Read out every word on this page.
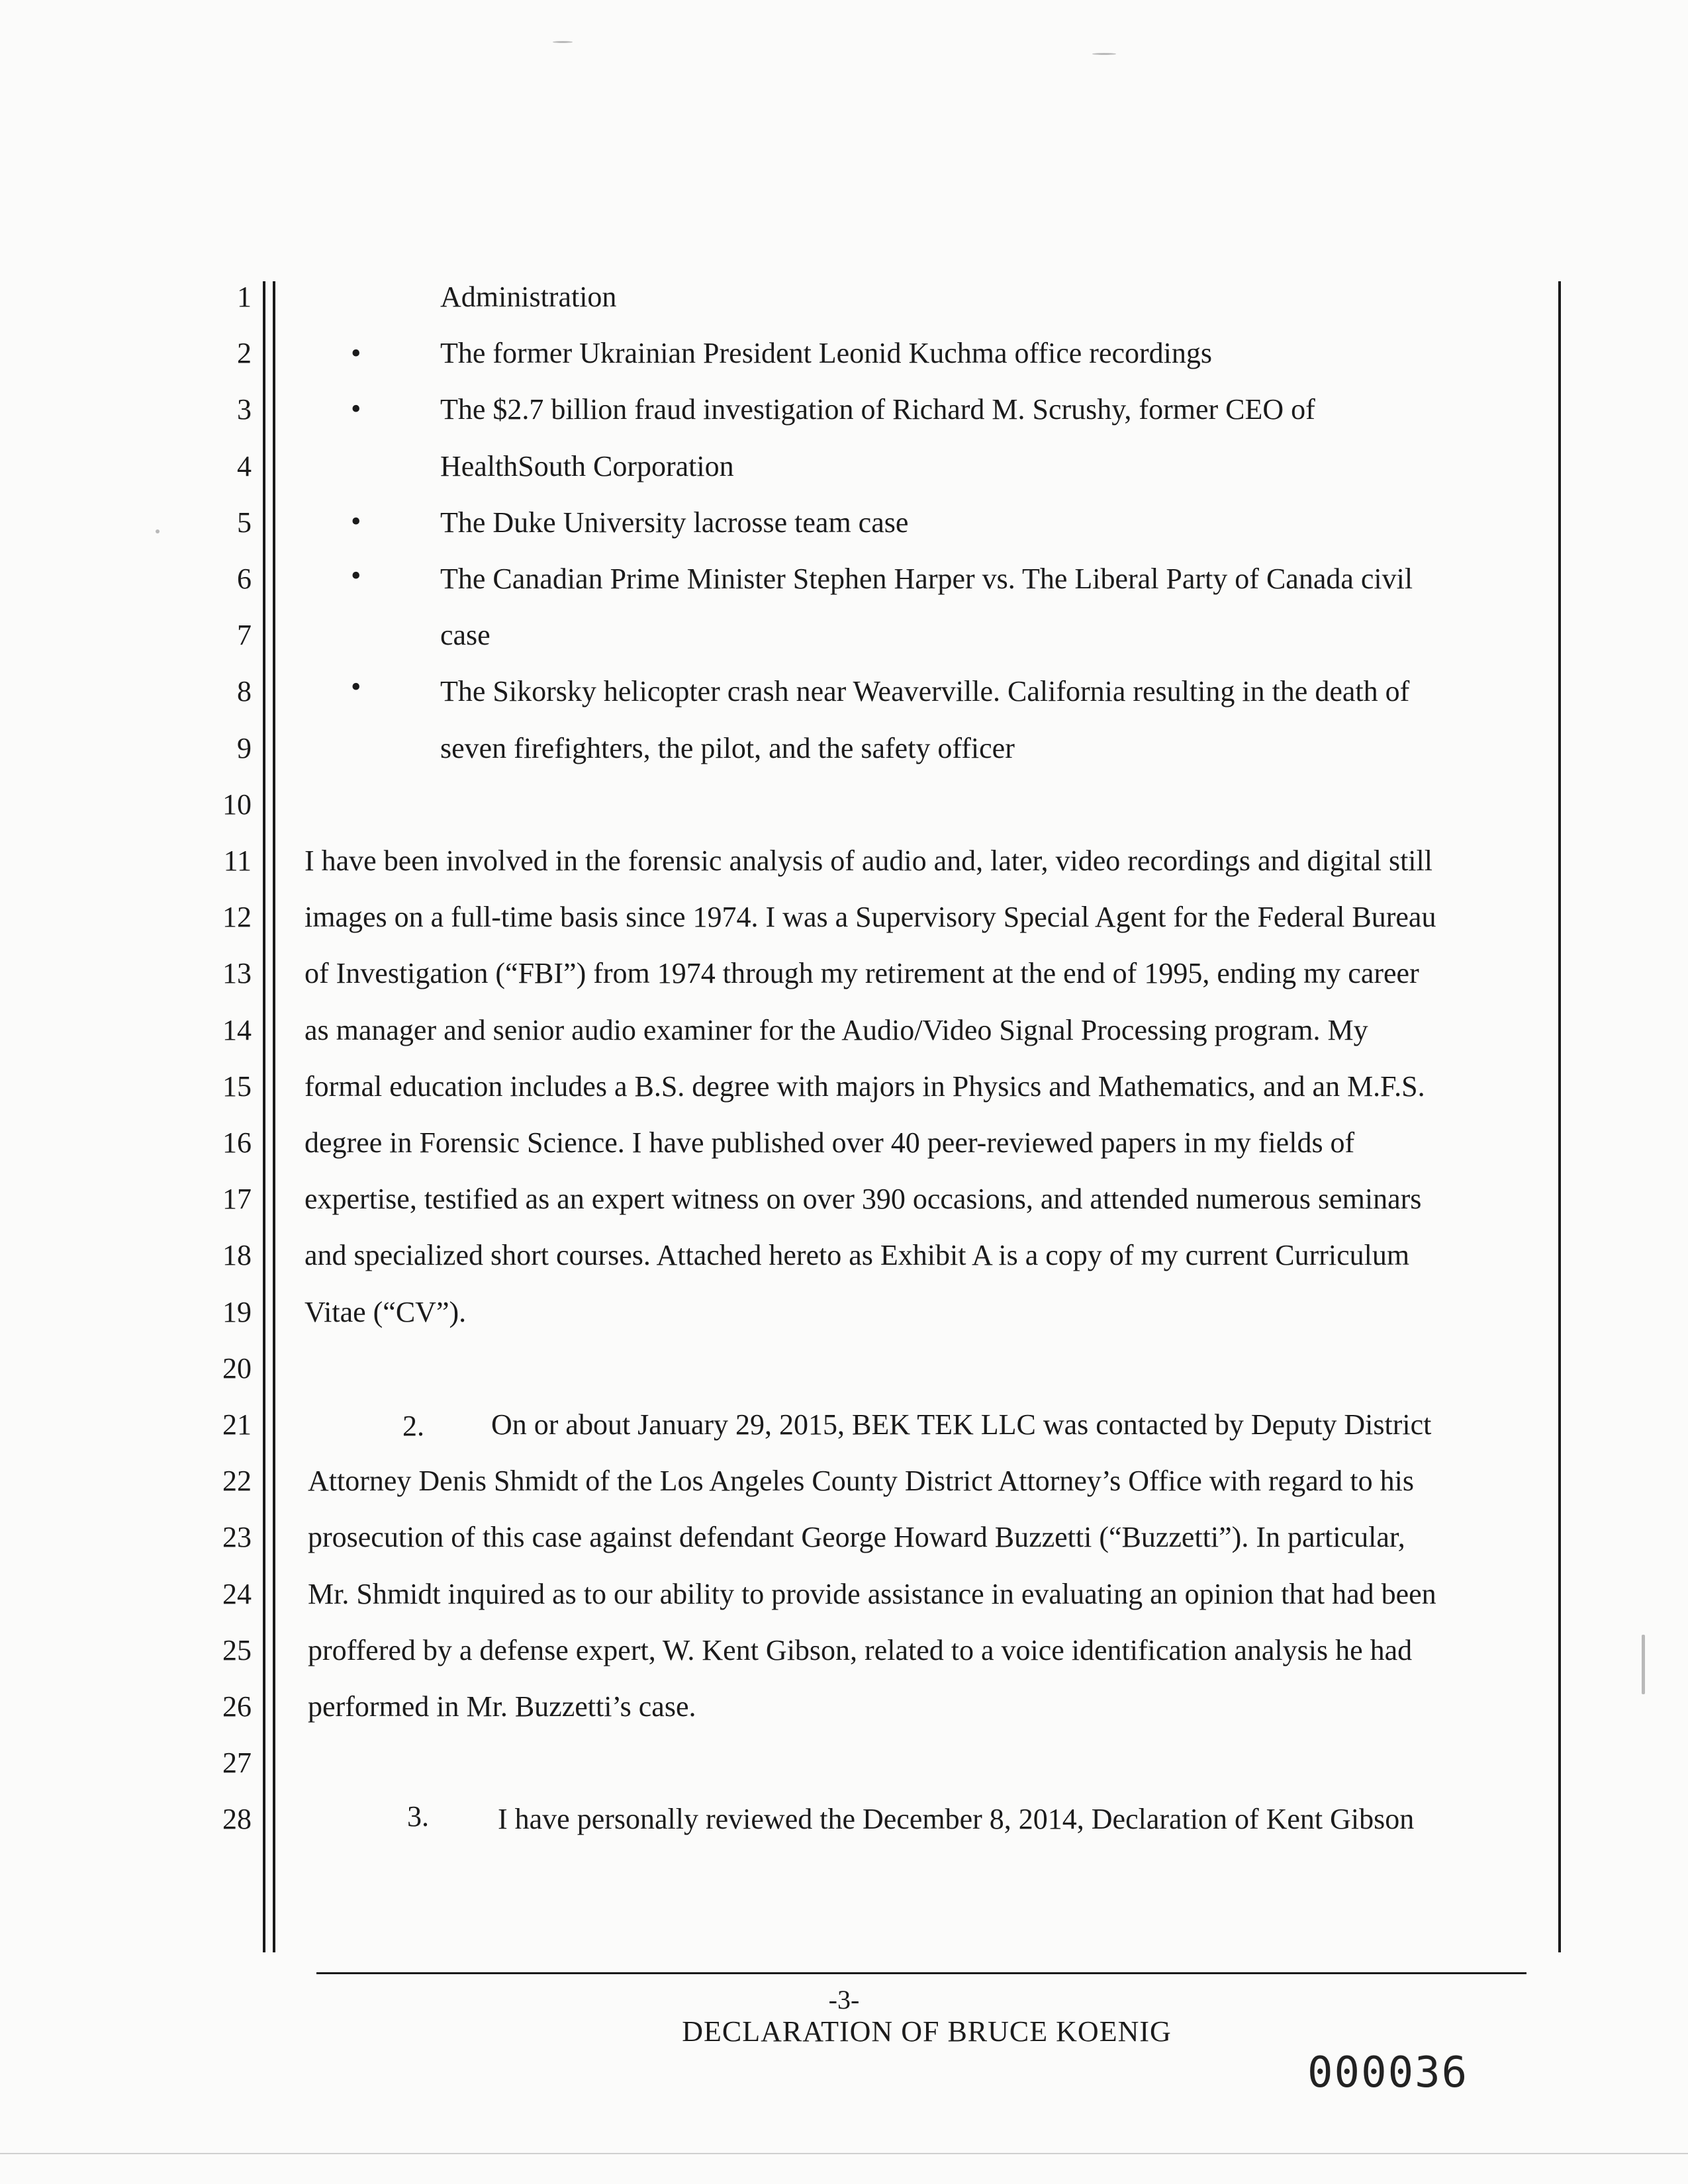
1
2
3
4
5
6
7
8
9
10
11
12
13
14
15
16
17
18
19
20
21
22
23
24
25
26
27
28
Administration
The former Ukrainian President Leonid Kuchma office recordings
The $2.7 billion fraud investigation of Richard M. Scrushy, former CEO of
HealthSouth Corporation
The Duke University lacrosse team case
The Canadian Prime Minister Stephen Harper vs. The Liberal Party of Canada civil
case
The Sikorsky helicopter crash near Weaverville. California resulting in the death of
seven firefighters, the pilot, and the safety officer
I have been involved in the forensic analysis of audio and, later, video recordings and digital still
images on a full-time basis since 1974. I was a Supervisory Special Agent for the Federal Bureau
of Investigation (“FBI”) from 1974 through my retirement at the end of 1995, ending my career
as manager and senior audio examiner for the Audio/Video Signal Processing program. My
formal education includes a B.S. degree with majors in Physics and Mathematics, and an M.F.S.
degree in Forensic Science. I have published over 40 peer-reviewed papers in my fields of
expertise, testified as an expert witness on over 390 occasions, and attended numerous seminars
and specialized short courses. Attached hereto as Exhibit A is a copy of my current Curriculum
Vitae (“CV”).
On or about January 29, 2015, BEK TEK LLC was contacted by Deputy District
Attorney Denis Shmidt of the Los Angeles County District Attorney’s Office with regard to his
prosecution of this case against defendant George Howard Buzzetti (“Buzzetti”). In particular,
Mr. Shmidt inquired as to our ability to provide assistance in evaluating an opinion that had been
proffered by a defense expert, W. Kent Gibson, related to a voice identification analysis he had
performed in Mr. Buzzetti’s case.
I have personally reviewed the December 8, 2014, Declaration of Kent Gibson
•
•
•
•
•
2.
3.
-3-
DECLARATION OF BRUCE KOENIG
000036
